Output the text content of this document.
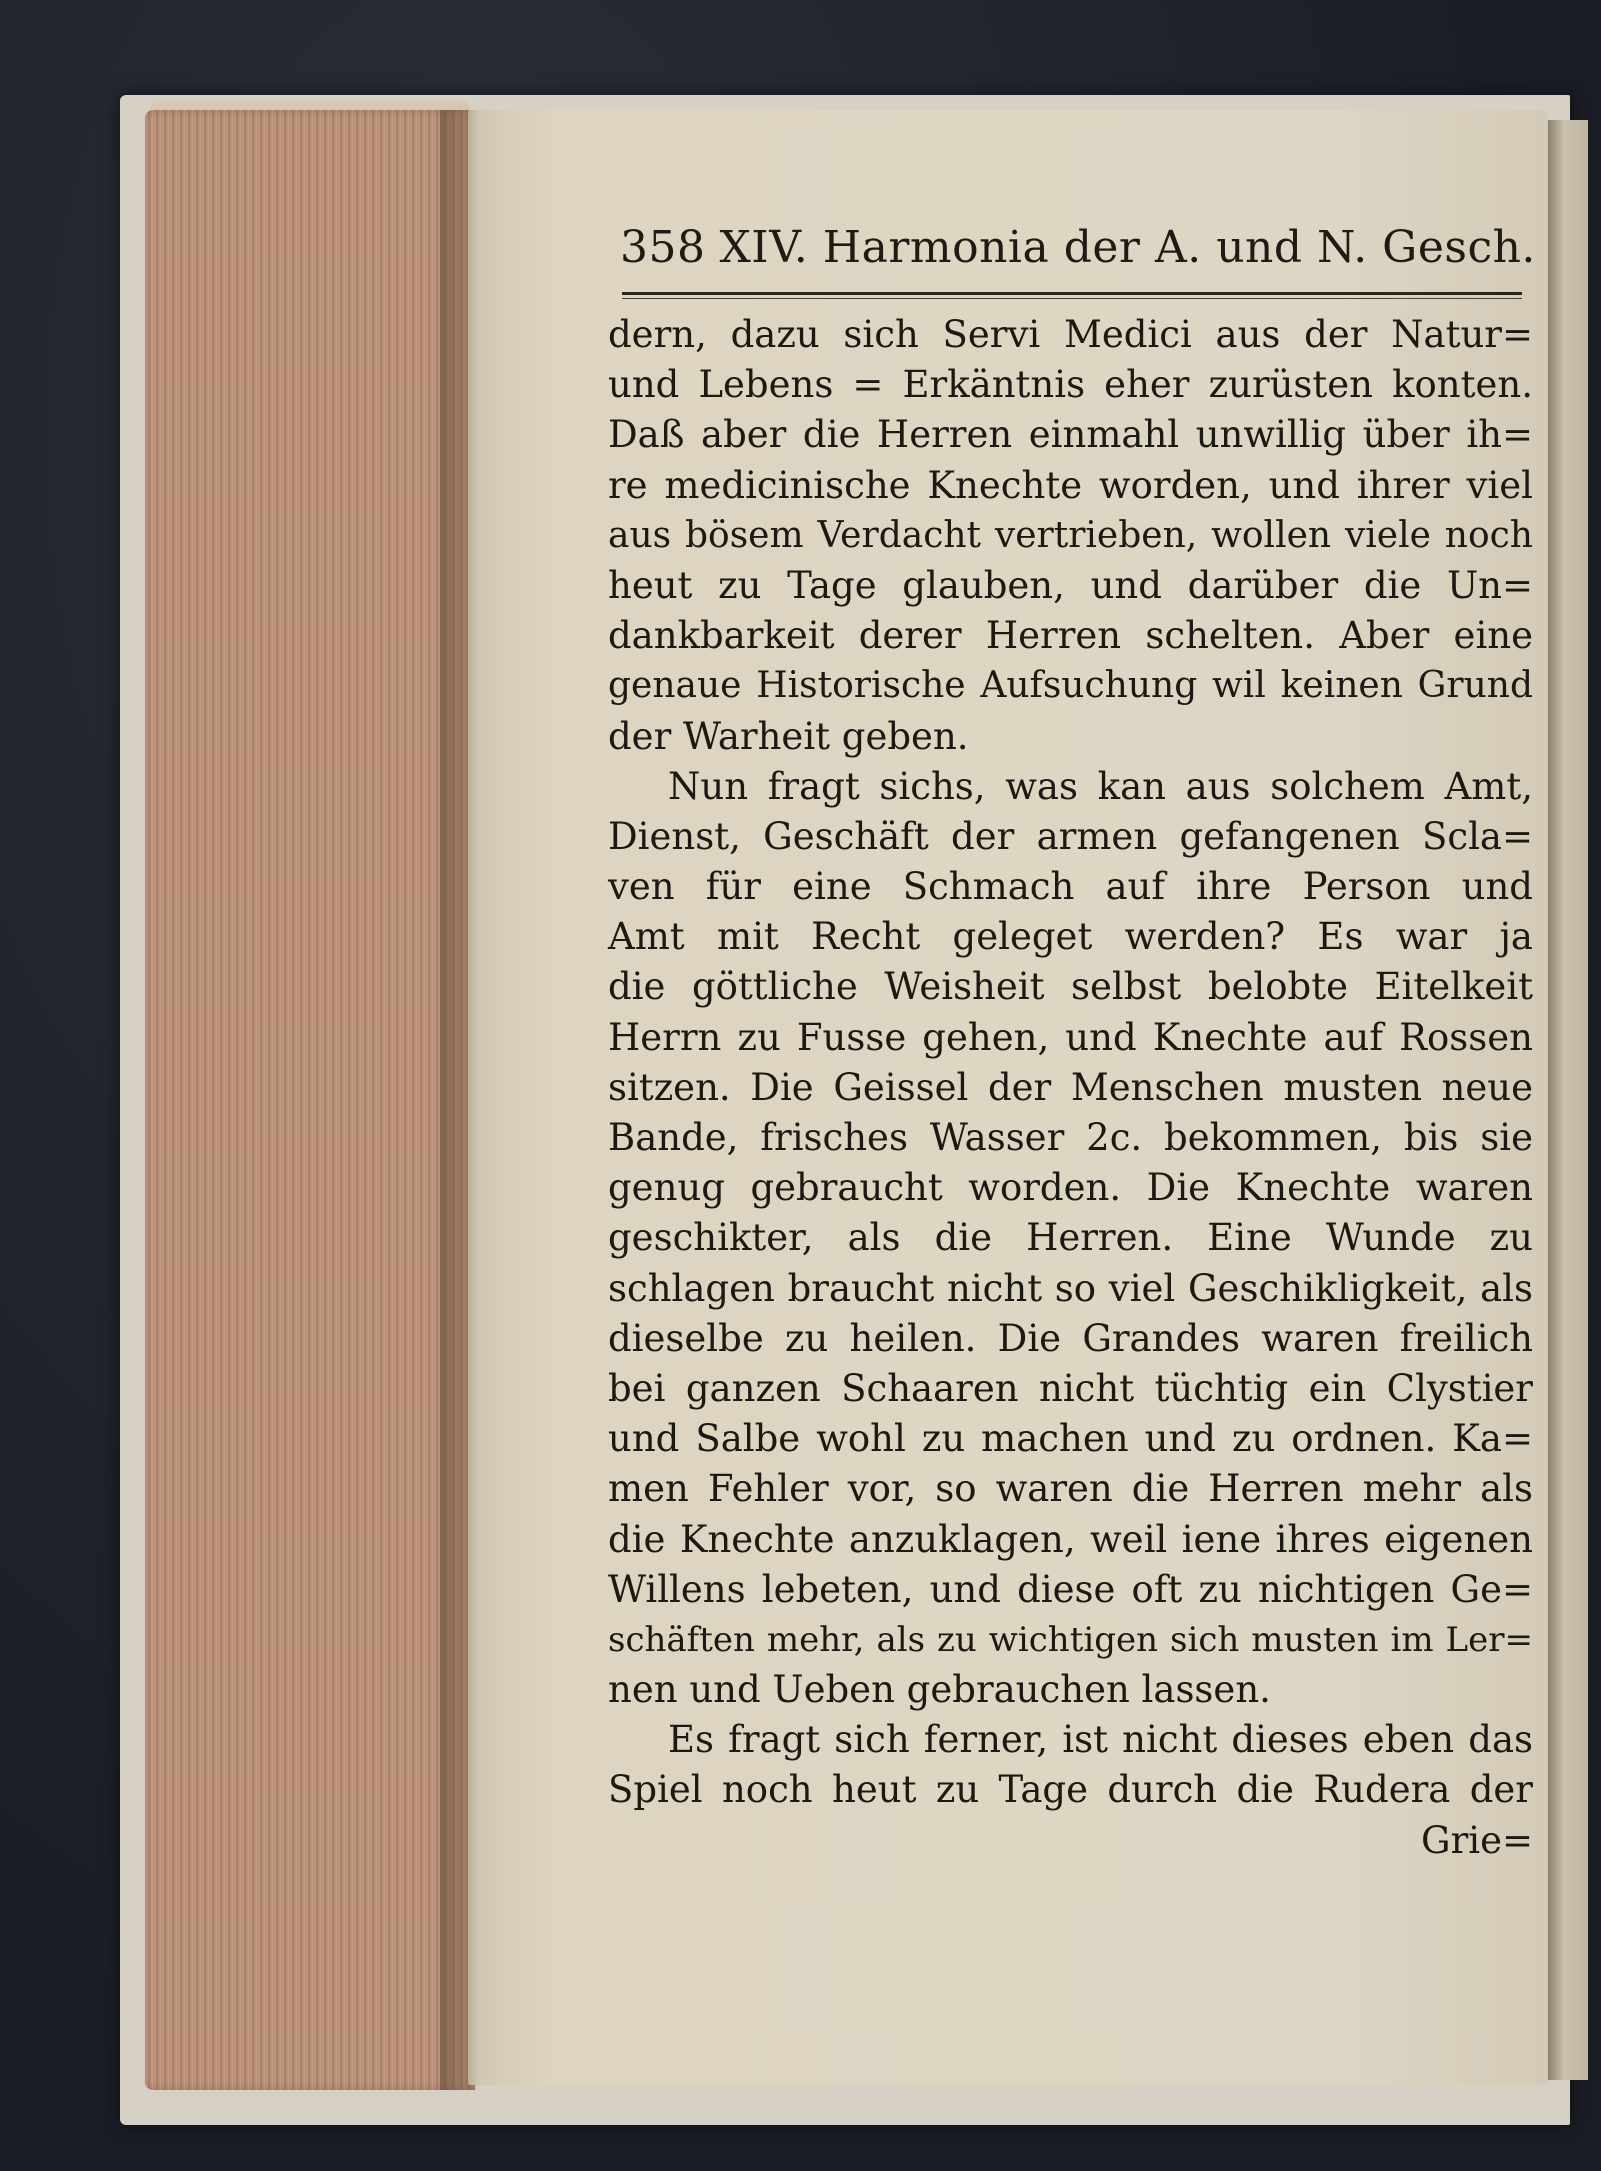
358 XIV. Harmonia der A. und N. Gesch.
dern, dazu sich Servi Medici aus der Natur=
und Lebens = Erkäntnis eher zurüsten konten.
Daß aber die Herren einmahl unwillig über ih=
re medicinische Knechte worden, und ihrer viel
aus bösem Verdacht vertrieben, wollen viele noch
heut zu Tage glauben, und darüber die Un=
dankbarkeit derer Herren schelten. Aber eine
genaue Historische Aufsuchung wil keinen Grund
der Warheit geben.
Nun fragt sichs, was kan aus solchem Amt,
Dienst, Geschäft der armen gefangenen Scla=
ven für eine Schmach auf ihre Person und
Amt mit Recht geleget werden? Es war ja
die göttliche Weisheit selbst belobte Eitelkeit
Herrn zu Fusse gehen, und Knechte auf Rossen
sitzen. Die Geissel der Menschen musten neue
Bande, frisches Wasser 2c. bekommen, bis sie
genug gebraucht worden. Die Knechte waren
geschikter, als die Herren. Eine Wunde zu
schlagen braucht nicht so viel Geschikligkeit, als
dieselbe zu heilen. Die Grandes waren freilich
bei ganzen Schaaren nicht tüchtig ein Clystier
und Salbe wohl zu machen und zu ordnen. Ka=
men Fehler vor, so waren die Herren mehr als
die Knechte anzuklagen, weil iene ihres eigenen
Willens lebeten, und diese oft zu nichtigen Ge=
schäften mehr, als zu wichtigen sich musten im Ler=
nen und Ueben gebrauchen lassen.
Es fragt sich ferner, ist nicht dieses eben das
Spiel noch heut zu Tage durch die Rudera der
Grie=
